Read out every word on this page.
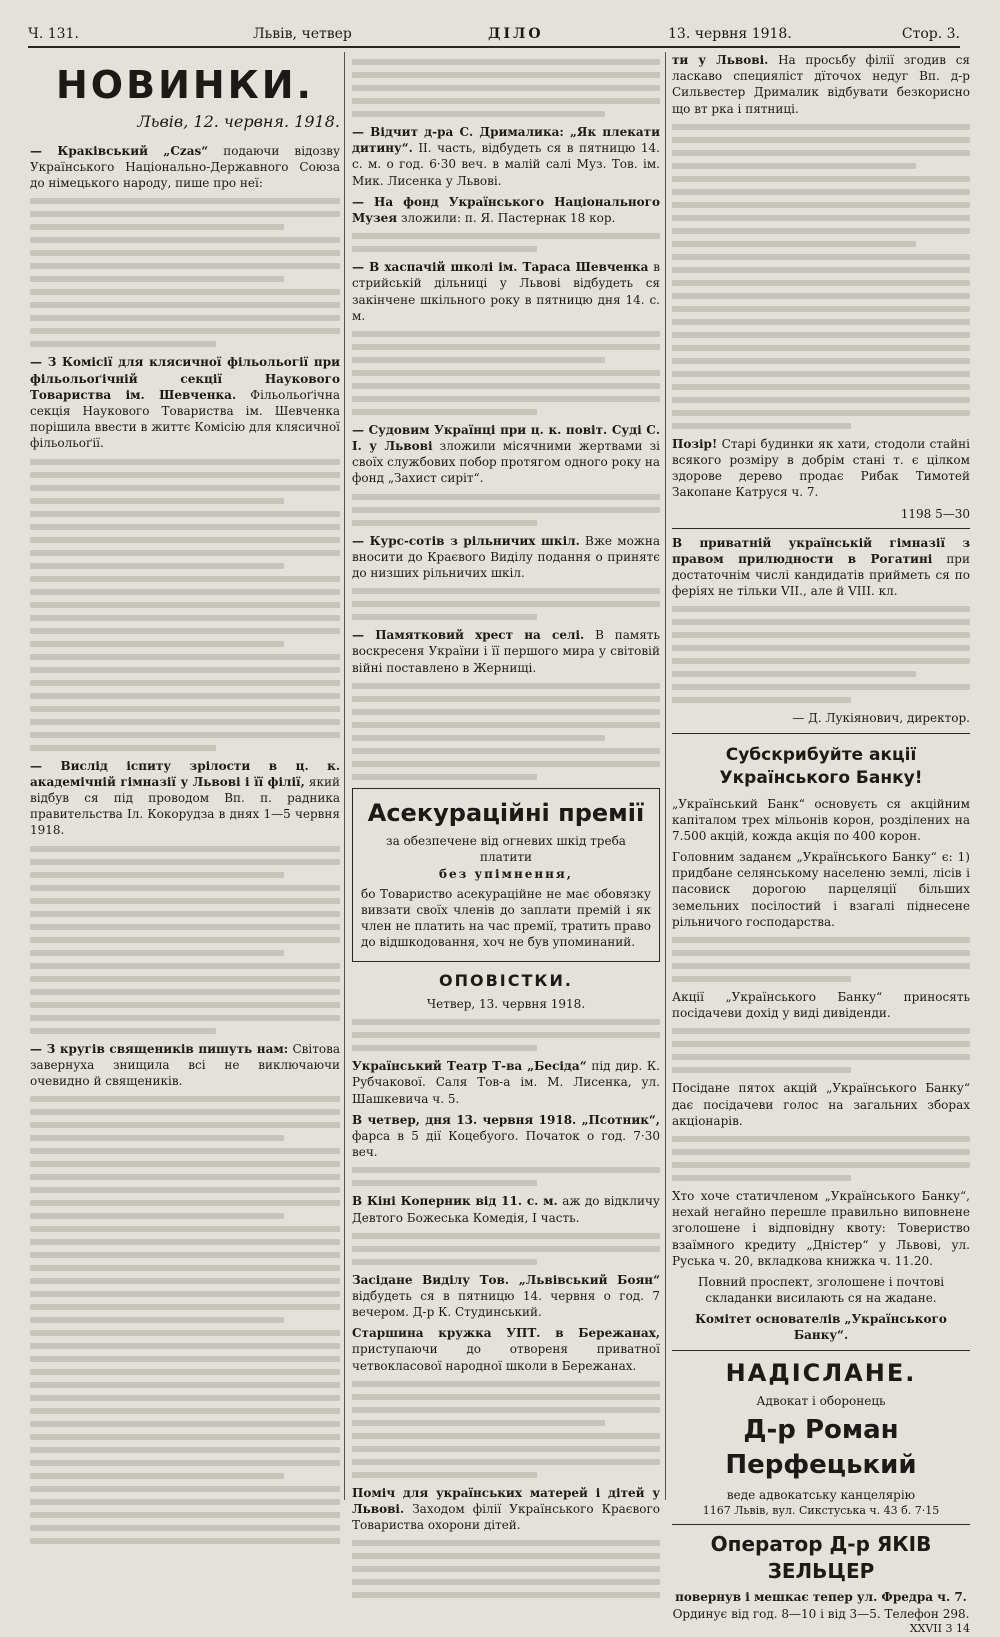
Ч. 131.	Львів, четвер	ДІЛО	13. червня 1918.	Стор. 3.
НОВИНКИ.
Львів, 12. червня. 1918.
— Краківський „Czas“ подаючи відозву Українського Національно-Державного Союза до німецького народу, пише про неї:
— З Комісії для клясичної фільольогії при фільольоґічній секції Наукового Товариства ім. Шевченка. Фільольоґічна секція Наукового Товариства ім. Шевченка порішила ввести в життє Комісію для клясичної фільольоґії.
— Вислід іспиту зрілости в ц. к. академічній гімназії у Львові і її філії, який відбув ся під проводом Вп. п. радника правительства Іл. Кокорудза в днях 1—5 червня 1918.
— З кругів священиків пишуть нам: Світова завернуха знищила всі не виключаючи очевидно й священиків.
— Відчит д-ра С. Дрималика: „Як плекати дитину“. II. часть, відбудеть ся в пятницю 14. с. м. о год. 6·30 веч. в малій салі Муз. Тов. ім. Мик. Лисенка у Львові.
— На фонд Українського Національного Музея зложили: п. Я. Пастернак 18 кор.
— В хаспачій школі ім. Тараса Шевченка в стрийській дільниці у Львові відбудеть ся закінчене шкільного року в пятницю дня 14. с. м.
— Судовим Українці при ц. к. повіт. Суді С. І. у Львові зложили місячними жертвами зі своїх службових побор протягом одного року на фонд „Захист сиріт“.
— Курс-сотів з рільничих шкіл. Вже можна вносити до Краєвого Виділу подання о принятє до низших рільничих шкіл.
— Памятковий хрест на селі. В память воскресеня України і її першого мира у світовій війні поставлено в Жернищі.
Асекураційні премії
за обезпечене від огневих шкід треба платити
без упімнення,
бо Товариство асекураційне не має обовязку вивзати своїх членів до заплати премій і як член не платить на час премії, тратить право до відшкодовання, хоч не був упоминаний.
ОПОВІСТКИ.
Четвер, 13. червня 1918.
Український Театр Т-ва „Бесіда“ під дир. К. Рубчакової. Саля Тов-а ім. М. Лисенка, ул. Шашкевича ч. 5.
В четвер, дня 13. червня 1918. „Псотник“, фарса в 5 дії Коцебуого. Початок о год. 7·30 веч.
В Кіні Коперник від 11. с. м. аж до відкличу Девтого Божеська Комедія, І часть.
Засідане Виділу Тов. „Львівський Боян“ відбудеть ся в пятницю 14. червня о год. 7 вечером. Д-р К. Студинський.
Старшина кружка УПТ. в Бережанах, приступаючи до отвореня приватної четвокласової народної школи в Бережанах.
Поміч для українських матерей і дітей у Львові. Заходом філії Українського Краєвого Товариства охорони дітей.
ти у Львові. На просьбу філії згодив ся ласкаво специяліст дїточох недуг Вп. д-р Сильвестер Дрималик відбувати безкорисно що вт рка і пятниці.
Позір! Старі будинки як хати, стодоли стайні всякого розміру в добрім стані т. є цілком здорове дерево продає Рибак Тимотей Закопане Катруся ч. 7.
1198 5—30
В приватній українській гімназії з правом прилюдности в Рогатині при достаточнім числі кандидатів прийметь ся по феріях не тільки VII., але й VIII. кл.
— Д. Лукіянович, директор.
Субскрибуйте акції Українського Банку!
„Український Банк“ основуєть ся акційним капіталом трех мільонів корон, розділених на 7.500 акцій, кожда акція по 400 корон.
Головним заданєм „Українського Банку“ є: 1) придбане селянському населеню землі, лісів і пасовиск дорогою парцеляції більших земельних посілостий і взагалі піднесене рільничого господарства.
Акції „Українського Банку“ приносять посідачеви дохід у виді дивіденди.
Посідане пятох акцій „Українського Банку“ дає посідачеви голос на загальних зборах акціонарів.
Хто хоче статичленом „Українського Банку“, нехай негайно перешле правильно виповнене зголошене і відповідну квоту: Товериство взаїмного кредиту „Дністер“ у Львові, ул. Руська ч. 20, вкладкова книжка ч. 11.20.
Повний проспект, зголошене і почтові складанки висилають ся на жадане.
Комітет основателів „Українського Банку“.
НАДІСЛАНЕ.
Адвокат і оборонець
Д-р Роман Перфецький
веде адвокатську канцелярію
1167 Львів, вул. Сикстуська ч. 43 б. 7·15
Оператор Д-р ЯКІВ ЗЕЛЬЦЕР
повернув і мешкає тепер ул. Фредра ч. 7.
Ординує від год. 8—10 і від 3—5. Телефон 298.
XXVII 3 14
